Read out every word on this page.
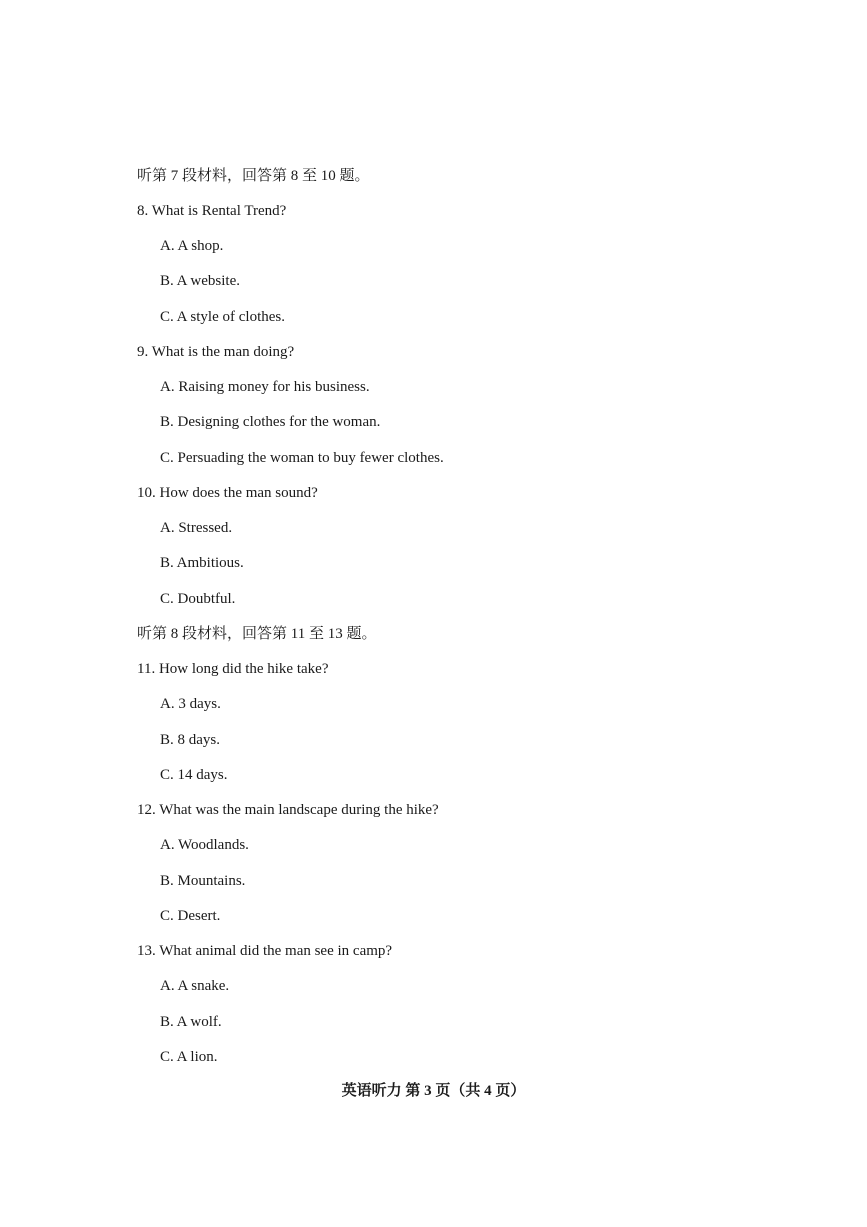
听第 7 段材料，回答第 8 至 10 题。
8. What is Rental Trend?
A. A shop.
B. A website.
C. A style of clothes.
9. What is the man doing?
A. Raising money for his business.
B. Designing clothes for the woman.
C. Persuading the woman to buy fewer clothes.
10. How does the man sound?
A. Stressed.
B. Ambitious.
C. Doubtful.
听第 8 段材料，回答第 11 至 13 题。
11. How long did the hike take?
A. 3 days.
B. 8 days.
C. 14 days.
12. What was the main landscape during the hike?
A. Woodlands.
B. Mountains.
C. Desert.
13. What animal did the man see in camp?
A. A snake.
B. A wolf.
C. A lion.
英语听力 第 3 页（共 4 页）
